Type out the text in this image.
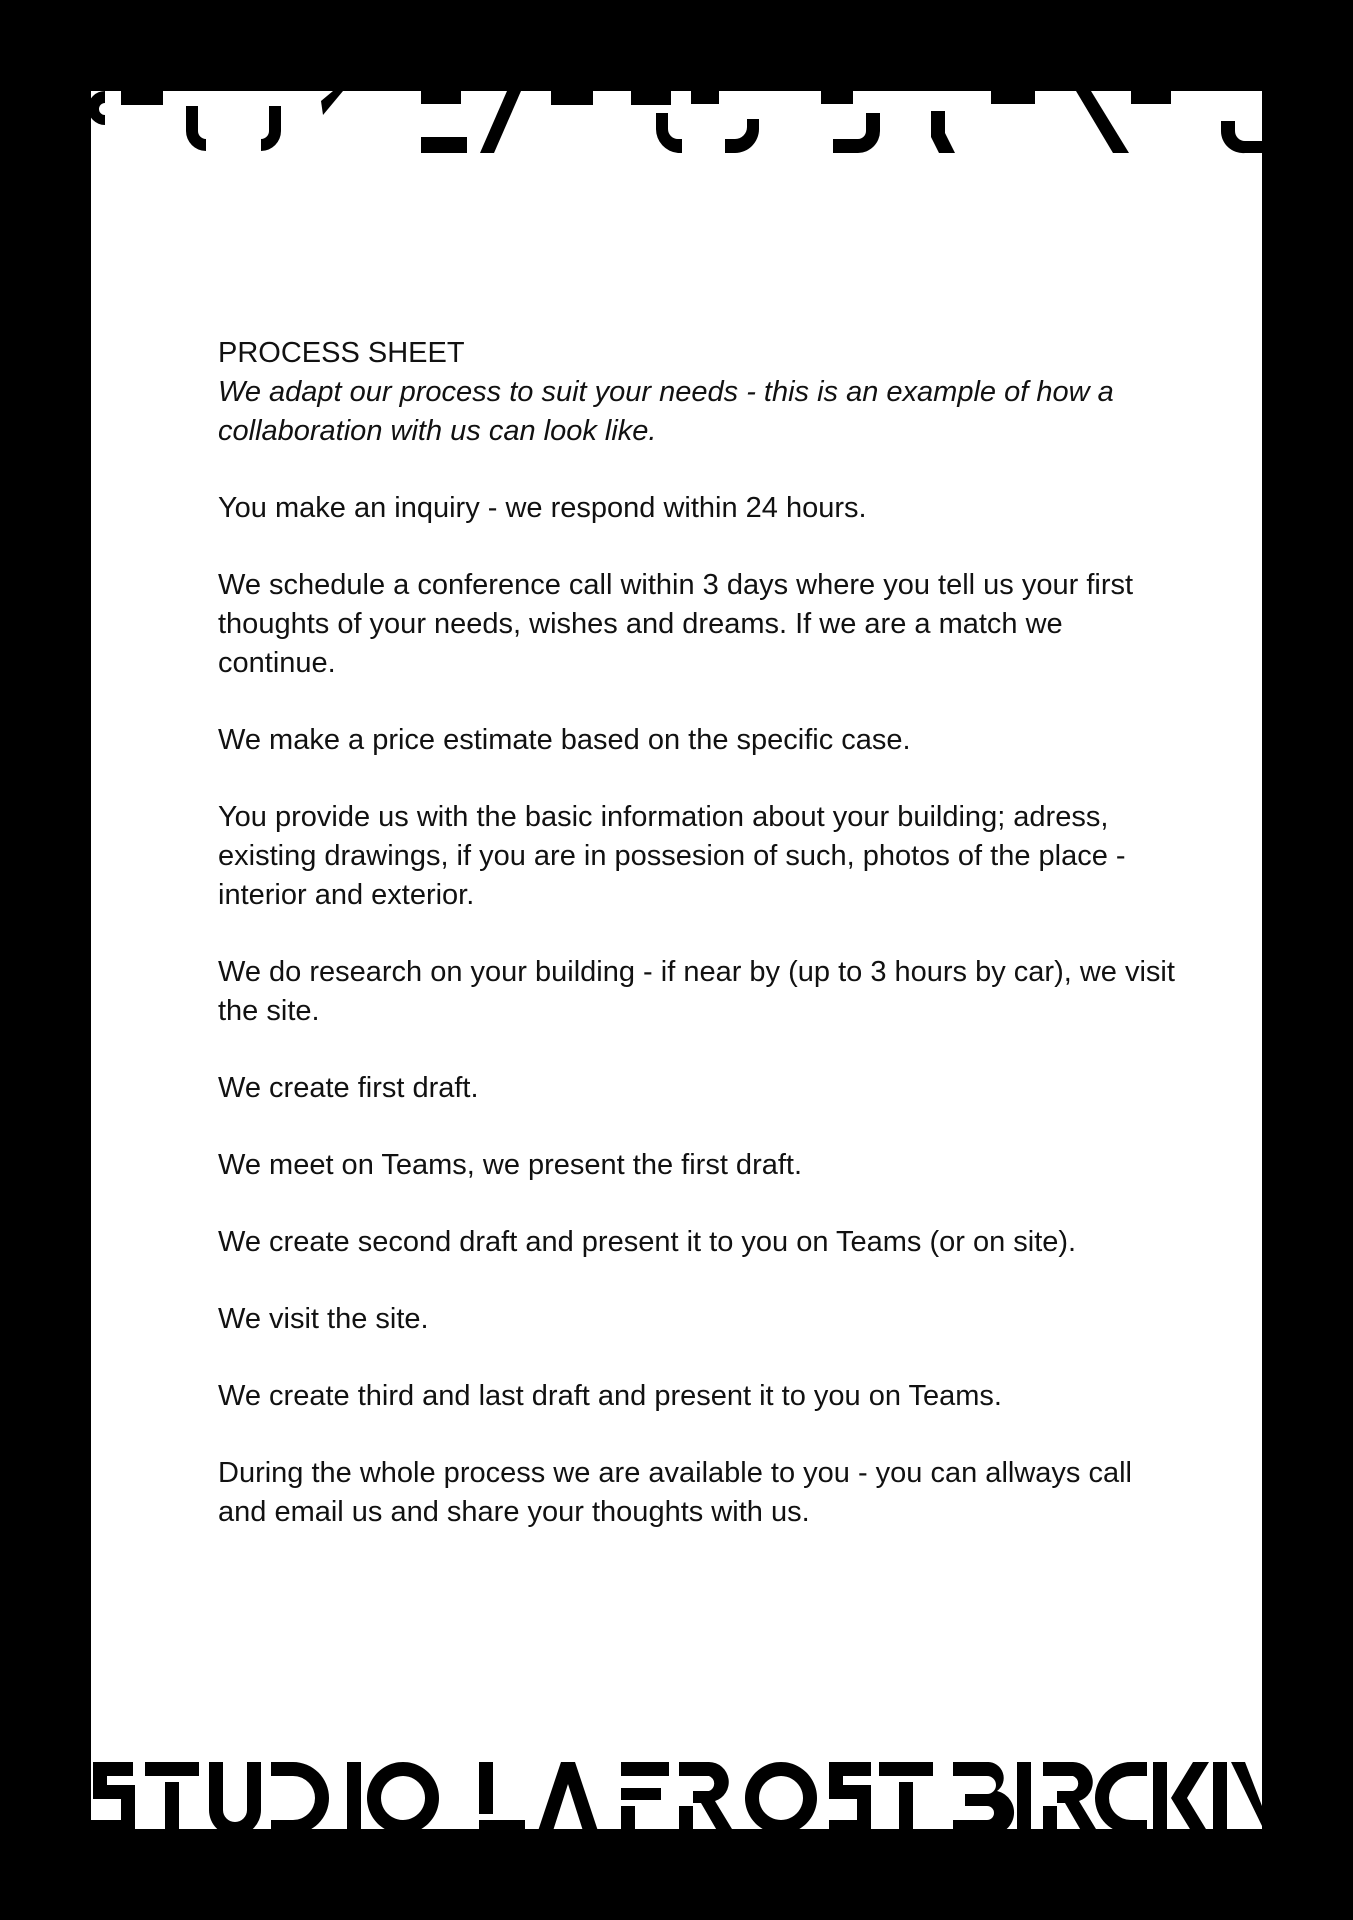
PROCESS SHEET

We adapt our process to suit your needs - this is an example of how a collaboration with us can look like.

You make an inquiry - we respond within 24 hours.

We schedule a conference call within 3 days where you tell us your first thoughts of your needs, wishes and dreams. If we are a match we continue.

We make a price estimate based on the specific case.

You provide us with the basic information about your building; adress, existing drawings, if you are in possesion of such, photos of the place - interior and exterior.

We do research on your building - if near by (up to 3 hours by car), we visit the site.

We create first draft.

We meet on Teams, we present the first draft.

We create second draft and present it to you on Teams (or on site).

We visit the site.

We create third and last draft and present it to you on Teams.

During the whole process we are available to you - you can allways call and email us and share your thoughts with us.
